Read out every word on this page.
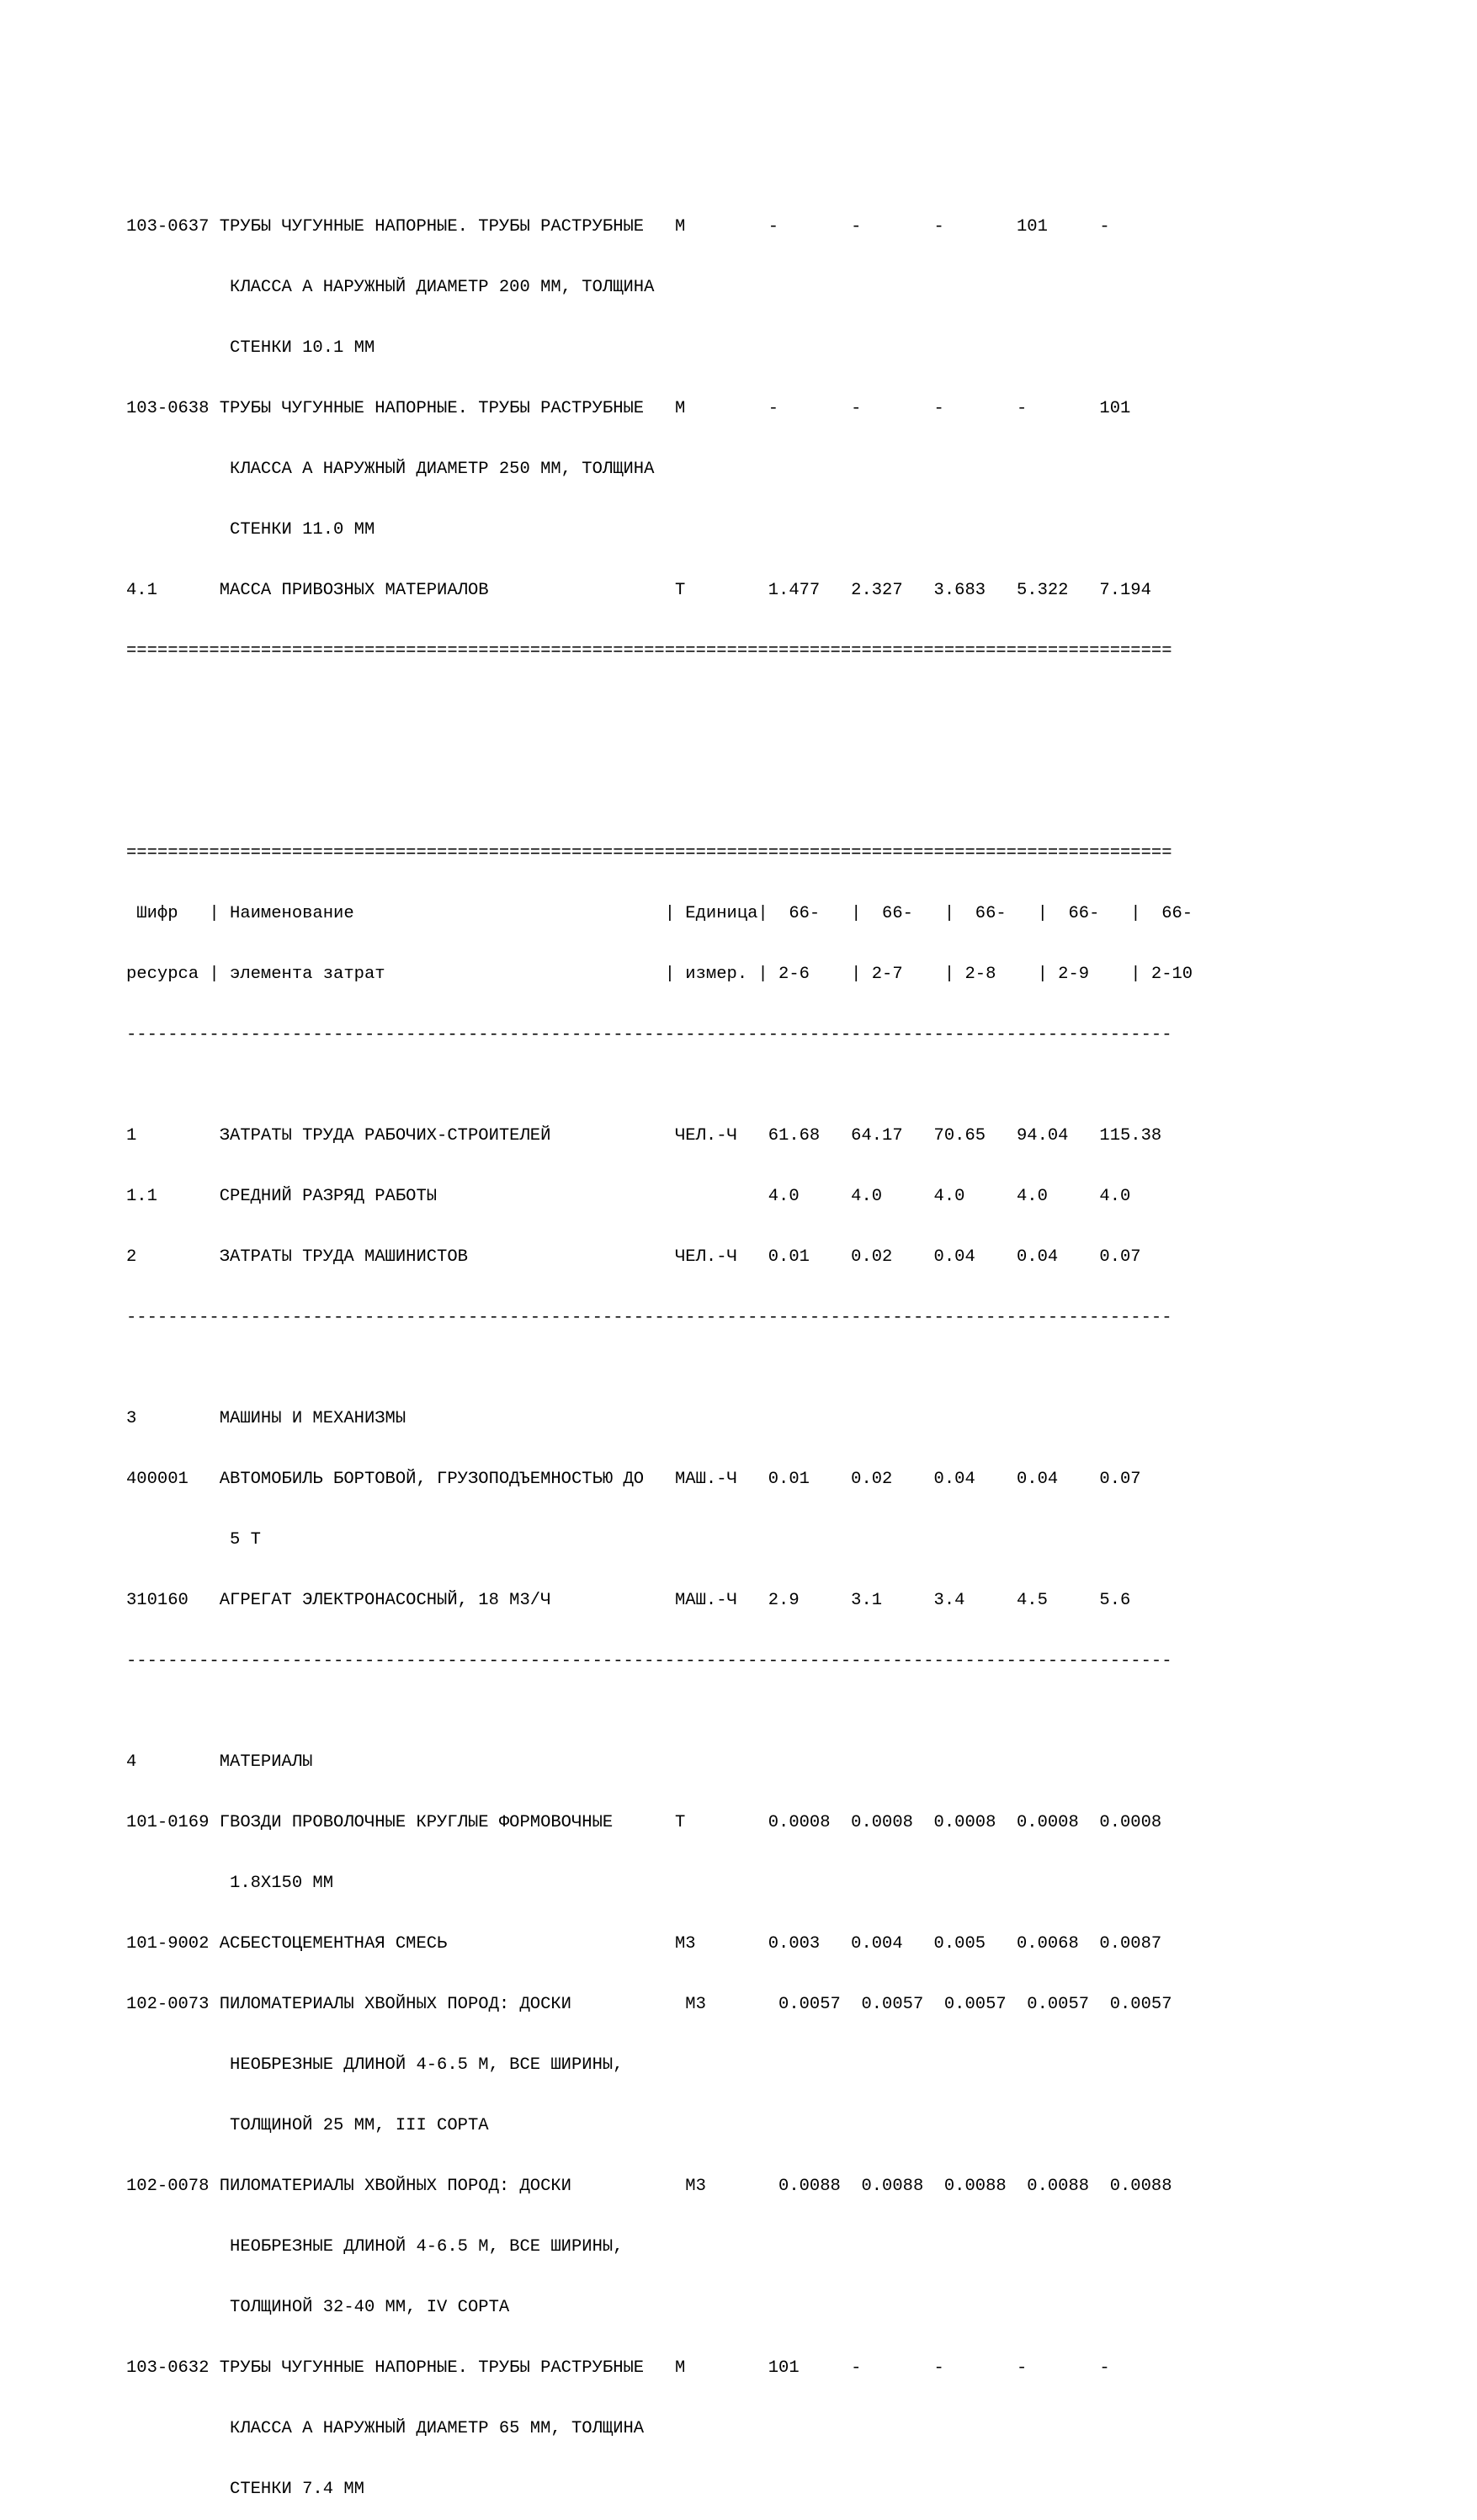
103-0637 ТРУБЫ ЧУГУННЫЕ НАПОРНЫЕ. ТРУБЫ РАСТРУБНЫЕ   М        -       -       -       101     -

КЛАССА А НАРУЖНЫЙ ДИАМЕТР 200 ММ, ТОЛЩИНА

СТЕНКИ 10.1 ММ

103-0638 ТРУБЫ ЧУГУННЫЕ НАПОРНЫЕ. ТРУБЫ РАСТРУБНЫЕ   М        -       -       -       -       101

КЛАССА А НАРУЖНЫЙ ДИАМЕТР 250 ММ, ТОЛЩИНА

СТЕНКИ 11.0 ММ

4.1      МАССА ПРИВОЗНЫХ МАТЕРИАЛОВ                  Т        1.477   2.327   3.683   5.322   7.194

=====================================================================================================

=====================================================================================================

Шифр   | Наименование                              | Единица|  66-   |  66-   |  66-   |  66-   |  66-

ресурса | элемента затрат                           | измер. | 2-6    | 2-7    | 2-8    | 2-9    | 2-10

-----------------------------------------------------------------------------------------------------

1        ЗАТРАТЫ ТРУДА РАБОЧИХ-СТРОИТЕЛЕЙ            ЧЕЛ.-Ч   61.68   64.17   70.65   94.04   115.38

1.1      СРЕДНИЙ РАЗРЯД РАБОТЫ                                4.0     4.0     4.0     4.0     4.0

2        ЗАТРАТЫ ТРУДА МАШИНИСТОВ                    ЧЕЛ.-Ч   0.01    0.02    0.04    0.04    0.07

-----------------------------------------------------------------------------------------------------

3        МАШИНЫ И МЕХАНИЗМЫ

400001   АВТОМОБИЛЬ БОРТОВОЙ, ГРУЗОПОДЪЕМНОСТЬЮ ДО   МАШ.-Ч   0.01    0.02    0.04    0.04    0.07

5 Т

310160   АГРЕГАТ ЭЛЕКТРОНАСОСНЫЙ, 18 М3/Ч            МАШ.-Ч   2.9     3.1     3.4     4.5     5.6

-----------------------------------------------------------------------------------------------------

4        МАТЕРИАЛЫ

101-0169 ГВОЗДИ ПРОВОЛОЧНЫЕ КРУГЛЫЕ ФОРМОВОЧНЫЕ      Т        0.0008  0.0008  0.0008  0.0008  0.0008

1.8Х150 ММ

101-9002 АСБЕСТОЦЕМЕНТНАЯ СМЕСЬ                      М3       0.003   0.004   0.005   0.0068  0.0087

102-0073 ПИЛОМАТЕРИАЛЫ ХВОЙНЫХ ПОРОД: ДОСКИ           М3       0.0057  0.0057  0.0057  0.0057  0.0057

НЕОБРЕЗНЫЕ ДЛИНОЙ 4-6.5 М, ВСЕ ШИРИНЫ,

ТОЛЩИНОЙ 25 ММ, III СОРТА

102-0078 ПИЛОМАТЕРИАЛЫ ХВОЙНЫХ ПОРОД: ДОСКИ           М3       0.0088  0.0088  0.0088  0.0088  0.0088

НЕОБРЕЗНЫЕ ДЛИНОЙ 4-6.5 М, ВСЕ ШИРИНЫ,

ТОЛЩИНОЙ 32-40 ММ, IV СОРТА

103-0632 ТРУБЫ ЧУГУННЫЕ НАПОРНЫЕ. ТРУБЫ РАСТРУБНЫЕ   М        101     -       -       -       -

КЛАССА А НАРУЖНЫЙ ДИАМЕТР 65 ММ, ТОЛЩИНА

СТЕНКИ 7.4 ММ
